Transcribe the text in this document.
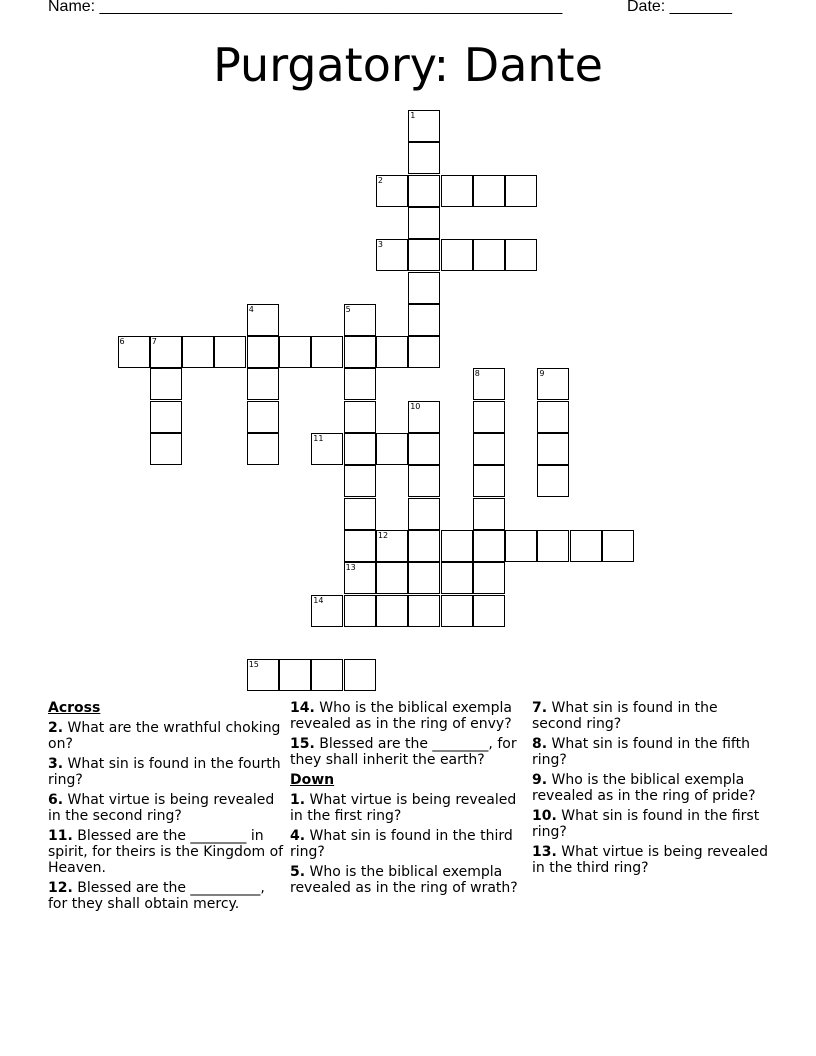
Name: ____________________________________________________	Date: _______
Purgatory: Dante
1
2
3
4	5
13
6	7
8	9
10
11
12
14
15
Across
2. What are the wrathful choking on?
3. What sin is found in the fourth ring?
6. What virtue is being revealed in the second ring?
11. Blessed are the ________ in spirit, for theirs is the Kingdom of Heaven.
12. Blessed are the __________, for they shall obtain mercy.
14. Who is the biblical exempla revealed as in the ring of envy?
15. Blessed are the ________, for they shall inherit the earth?
Down
1. What virtue is being revealed in the first ring?
4. What sin is found in the third ring?
5. Who is the biblical exempla revealed as in the ring of wrath?
7. What sin is found in the second ring?
8. What sin is found in the fifth ring?
9. Who is the biblical exempla revealed as in the ring of pride?
10. What sin is found in the first ring?
13. What virtue is being revealed in the third ring?
